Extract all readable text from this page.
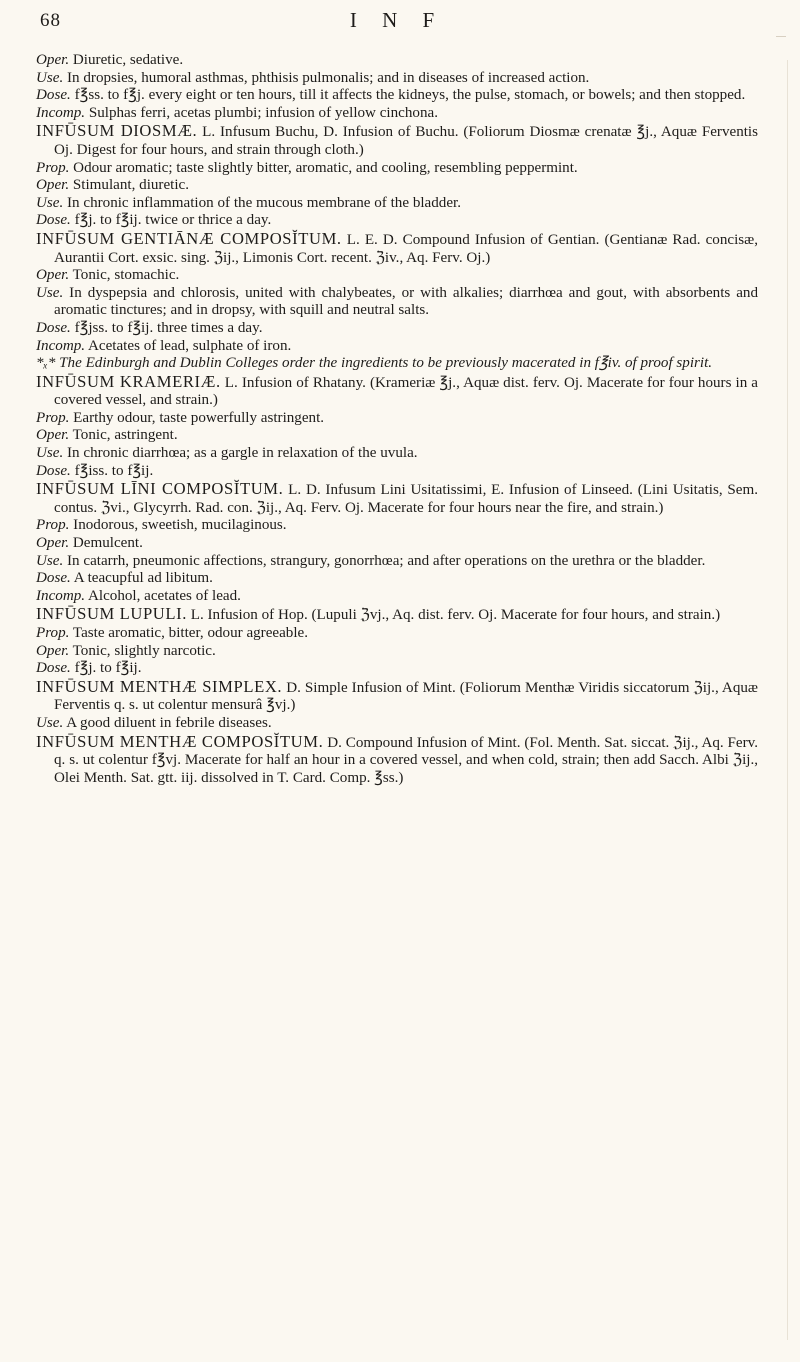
68	I N F

Oper. Diuretic, sedative.

Use. In dropsies, humoral asthmas, phthisis pulmonalis; and in diseases of increased action.

Dose. f℥ss. to f℥j. every eight or ten hours, till it affects the kidneys, the pulse, stomach, or bowels; and then stopped.

Incomp. Sulphas ferri, acetas plumbi; infusion of yellow cinchona.

INFŪSUM DIOSMÆ. L. Infusum Buchu, D. Infusion of Buchu. (Foliorum Diosmæ crenatæ ℥j., Aquæ Ferventis Oj. Digest for four hours, and strain through cloth.)

Prop. Odour aromatic; taste slightly bitter, aromatic, and cooling, resembling peppermint.

Oper. Stimulant, diuretic.

Use. In chronic inflammation of the mucous membrane of the bladder.

Dose. f℥j. to f℥ij. twice or thrice a day.

INFŪSUM GENTIĀNÆ COMPOSĬTUM. L. E. D. Compound Infusion of Gentian. (Gentianæ Rad. concisæ, Aurantii Cort. exsic. sing. ℨij., Limonis Cort. recent. ℨiv., Aq. Ferv. Oj.)

Oper. Tonic, stomachic.

Use. In dyspepsia and chlorosis, united with chalybeates, or with alkalies; diarrhœa and gout, with absorbents and aromatic tinctures; and in dropsy, with squill and neutral salts.

Dose. f℥jss. to f℥ij. three times a day.

Incomp. Acetates of lead, sulphate of iron.

*ₓ* The Edinburgh and Dublin Colleges order the ingredients to be previously macerated in f℥iv. of proof spirit.

INFŪSUM KRAMERIÆ. L. Infusion of Rhatany. (Krameriæ ℥j., Aquæ dist. ferv. Oj. Macerate for four hours in a covered vessel, and strain.)

Prop. Earthy odour, taste powerfully astringent.

Oper. Tonic, astringent.

Use. In chronic diarrhœa; as a gargle in relaxation of the uvula.

Dose. f℥iss. to f℥ij.

INFŪSUM LĪNI COMPOSĬTUM. L. D. Infusum Lini Usitatissimi, E. Infusion of Linseed. (Lini Usitatis, Sem. contus. ℨvi., Glycyrrh. Rad. con. ℨij., Aq. Ferv. Oj. Macerate for four hours near the fire, and strain.)

Prop. Inodorous, sweetish, mucilaginous.

Oper. Demulcent.

Use. In catarrh, pneumonic affections, strangury, gonorrhœa; and after operations on the urethra or the bladder.

Dose. A teacupful ad libitum.

Incomp. Alcohol, acetates of lead.

INFŪSUM LUPULI. L. Infusion of Hop. (Lupuli ℨvj., Aq. dist. ferv. Oj. Macerate for four hours, and strain.)

Prop. Taste aromatic, bitter, odour agreeable.

Oper. Tonic, slightly narcotic.

Dose. f℥j. to f℥ij.

INFŪSUM MENTHÆ SIMPLEX. D. Simple Infusion of Mint. (Foliorum Menthæ Viridis siccatorum ℨij., Aquæ Ferventis q. s. ut colentur mensurâ ℥vj.)

Use. A good diluent in febrile diseases.

INFŪSUM MENTHÆ COMPOSĬTUM. D. Compound Infusion of Mint. (Fol. Menth. Sat. siccat. ℨij., Aq. Ferv. q. s. ut colentur f℥vj. Macerate for half an hour in a covered vessel, and when cold, strain; then add Sacch. Albi ℨij., Olei Menth. Sat. gtt. iij. dissolved in T. Card. Comp. ℥ss.)
